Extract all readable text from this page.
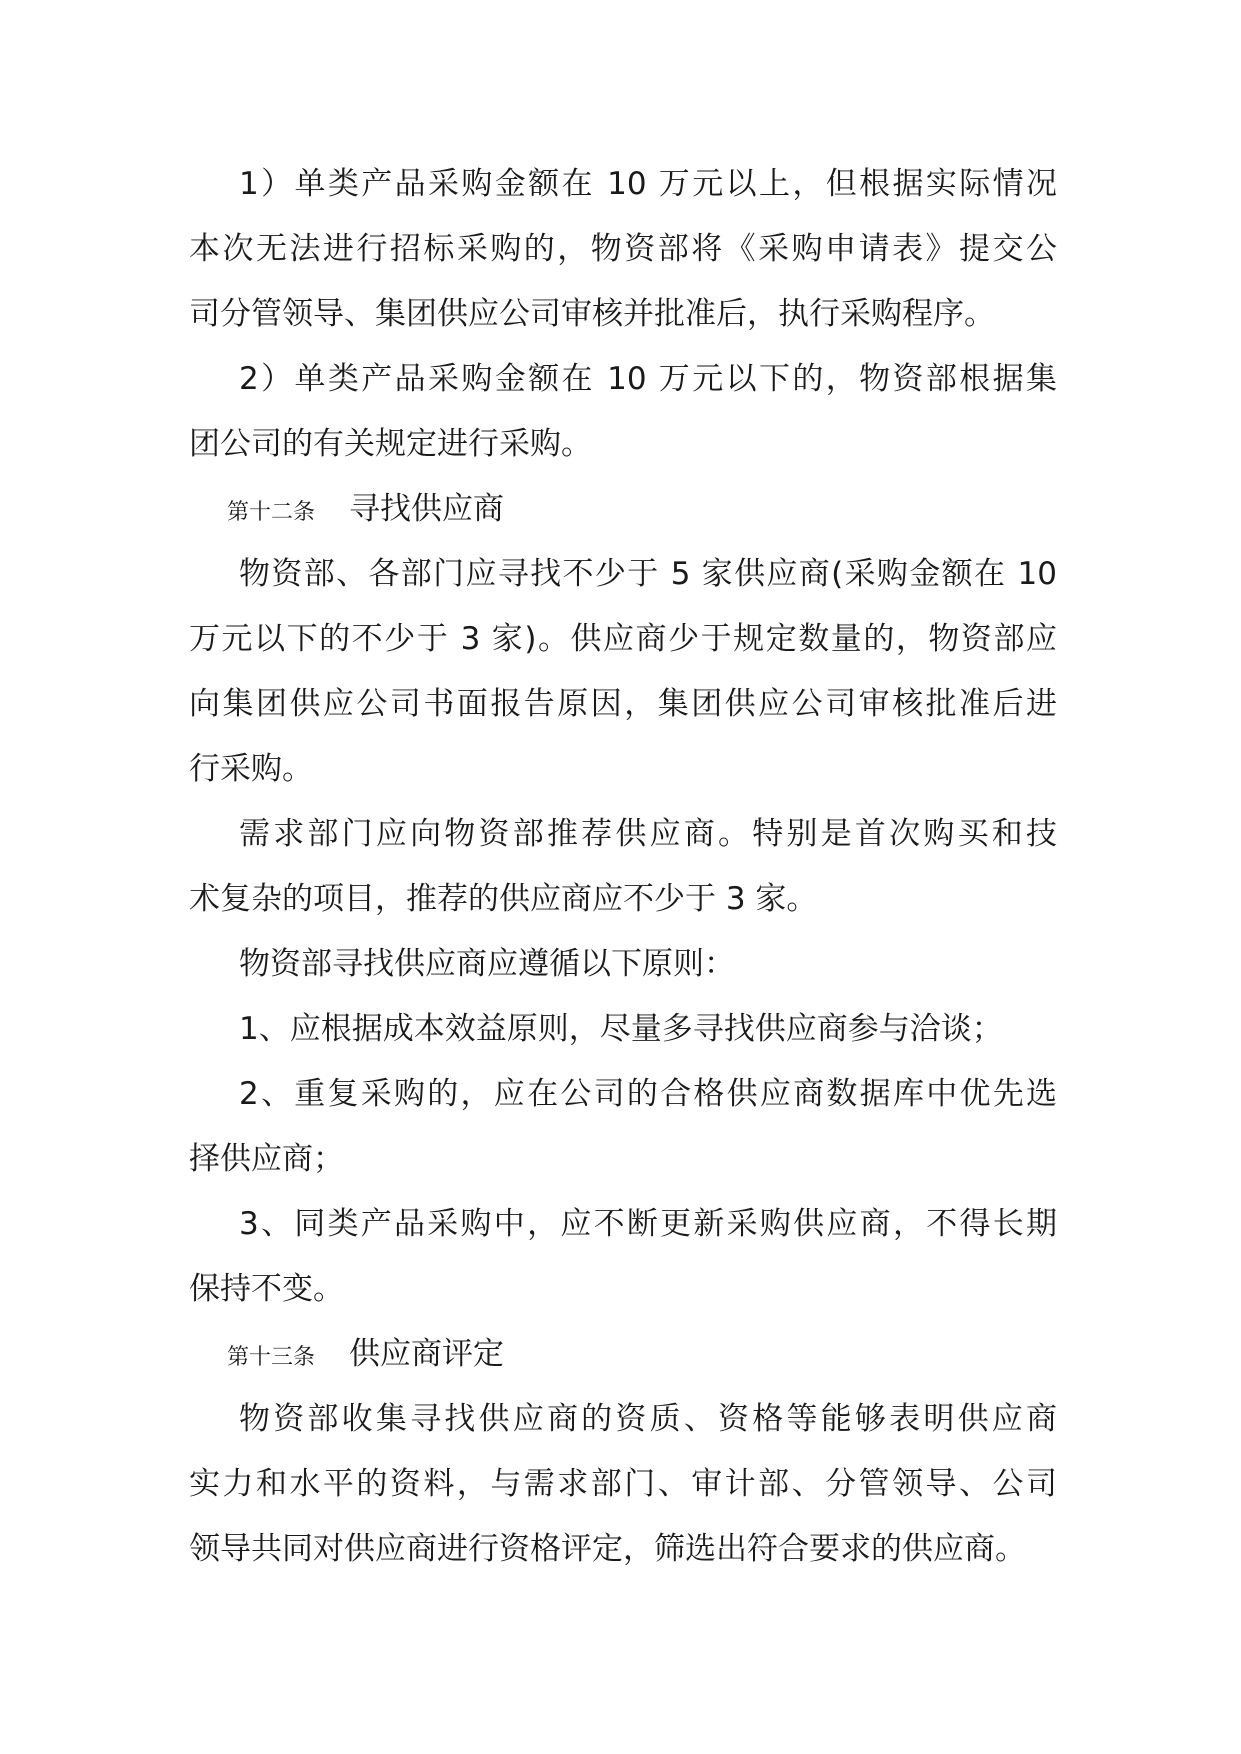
1）单类产品采购金额在 10 万元以上，但根据实际情况
本次无法进行招标采购的，物资部将《采购申请表》提交公
司分管领导、集团供应公司审核并批准后，执行采购程序。
2）单类产品采购金额在 10 万元以下的，物资部根据集
团公司的有关规定进行采购。
第十二条 寻找供应商
物资部、各部门应寻找不少于 5 家供应商(采购金额在 10
万元以下的不少于 3 家)。供应商少于规定数量的，物资部应
向集团供应公司书面报告原因，集团供应公司审核批准后进
行采购。
需求部门应向物资部推荐供应商。特别是首次购买和技
术复杂的项目，推荐的供应商应不少于 3 家。
物资部寻找供应商应遵循以下原则：
1、应根据成本效益原则，尽量多寻找供应商参与洽谈；
2、重复采购的，应在公司的合格供应商数据库中优先选
择供应商；
3、同类产品采购中，应不断更新采购供应商，不得长期
保持不变。
第十三条 供应商评定
物资部收集寻找供应商的资质、资格等能够表明供应商
实力和水平的资料，与需求部门、审计部、分管领导、公司
领导共同对供应商进行资格评定，筛选出符合要求的供应商。
